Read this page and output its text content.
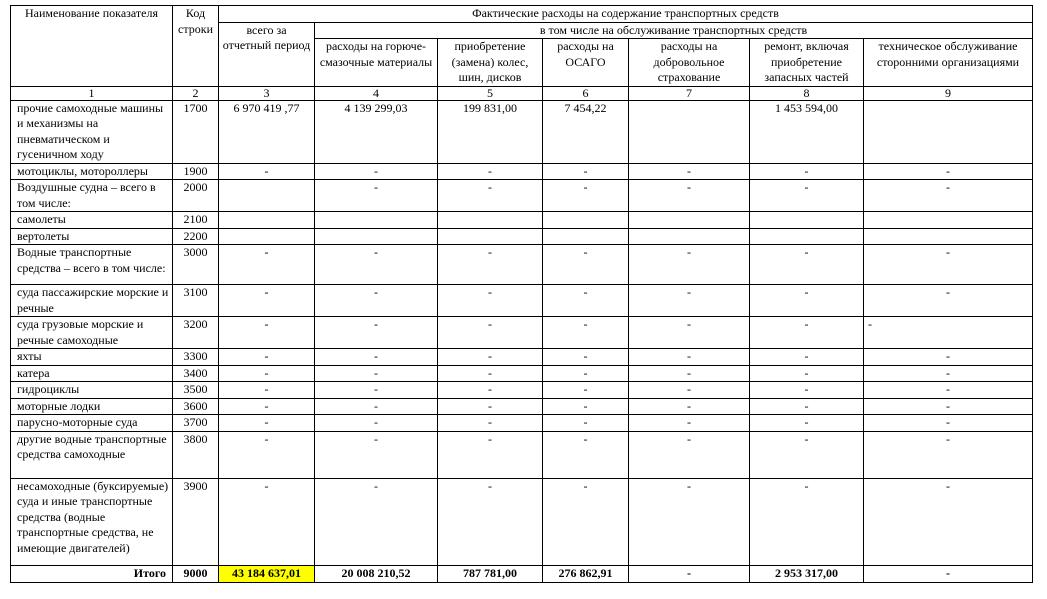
Наименование показателя	Код строки	Фактические расходы на содержание транспортных средств						
		всего за отчетный период	в том числе на обслуживание транспортных средств					
			расходы на горюче-смазочные материалы	приобретение (замена) колес, шин, дисков	расходы на ОСАГО	расходы на добровольное страхование	ремонт, включая приобретение запасных частей	техническое обслуживание сторонними организациями
1	2	3	4	5	6	7	8	9
прочие самоходные машины и механизмы на пневматическом и гусеничном ходу	1700	6 970 419 ,77	4 139 299,03	199 831,00	7 454,22		1 453 594,00	
мотоциклы, мотороллеры	1900	-	-	-	-	-	-	-
Воздушные судна – всего в том числе:	2000		-	-	-	-	-	-
самолеты	2100							
вертолеты	2200							
Водные транспортные средства – всего в том числе:	3000	-	-	-	-	-	-	-
суда пассажирские морские и речные	3100	-	-	-	-	-	-	-
суда грузовые морские и речные самоходные	3200	-	-	-	-	-	-	-
яхты	3300	-	-	-	-	-	-	-
катера	3400	-	-	-	-	-	-	-
гидроциклы	3500	-	-	-	-	-	-	-
моторные лодки	3600	-	-	-	-	-	-	-
парусно-моторные суда	3700	-	-	-	-	-	-	-
другие водные транспортные средства самоходные	3800	-	-	-	-	-	-	-
несамоходные (буксируемые) суда и иные транспортные средства (водные транспортные средства, не имеющие двигателей)	3900	-	-	-	-	-	-	-
Итого	9000	43 184 637,01	20 008 210,52	787 781,00	276 862,91	-	2 953 317,00	-
